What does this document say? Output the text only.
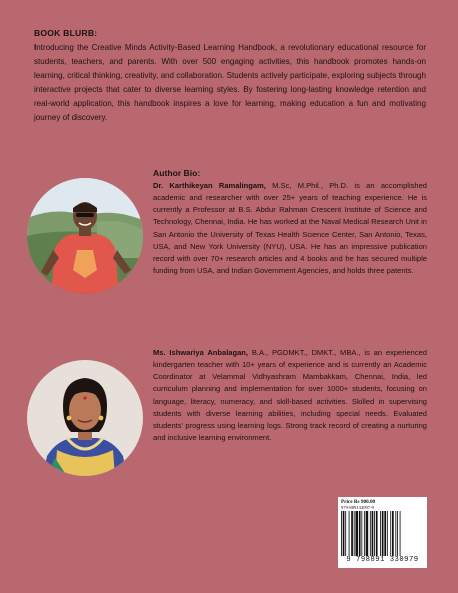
BOOK BLURB:

Introducing the Creative Minds Activity-Based Learning Handbook, a revolutionary educational resource for students, teachers, and parents. With over 500 engaging activities, this handbook promotes hands-on learning, critical thinking, creativity, and collaboration. Students actively participate, exploring subjects through interactive projects that cater to diverse learning styles. By fostering long-lasting knowledge retention and real-world application, this handbook inspires a love for learning, making education a fun and motivating journey of discovery.

Author Bio:

Dr. Karthikeyan Ramalingam, M.Sc, M.Phil., Ph.D. is an accomplished academic and researcher with over 25+ years of teaching experience. He is currently a Professor at B.S. Abdur Rahman Crescent Institute of Science and Technology, Chennai, India. He has worked at the Naval Medical Research Unit in San Antonio the University of Texas Health Science Center, San Antonio, Texas, USA, and New York University (NYU), USA. He has an impressive publication record with over 70+ research articles and 4 books and he has secured multiple funding from USA, and Indian Government Agencies, and holds three patents.

Ms. Ishwariya Anbalagan, B.A., PGDMKT., DMKT., MBA., is an experienced kindergarten teacher with 10+ years of experience and is currently an Academic Coordinator at Velammal Vidhyashram Mambakkam, Chennai, India, led curriculum planning and implementation for over 1000+ students, focusing on language, literacy, numeracy, and skill-based activities. Skilled in supervising students with diverse learning abilities, including special needs. Evaluated students' progress using learning logs. Strong track record of creating a nurturing and inclusive learning environment.

Price Rs 900.00
979-889133097-9
9 798891 330979
